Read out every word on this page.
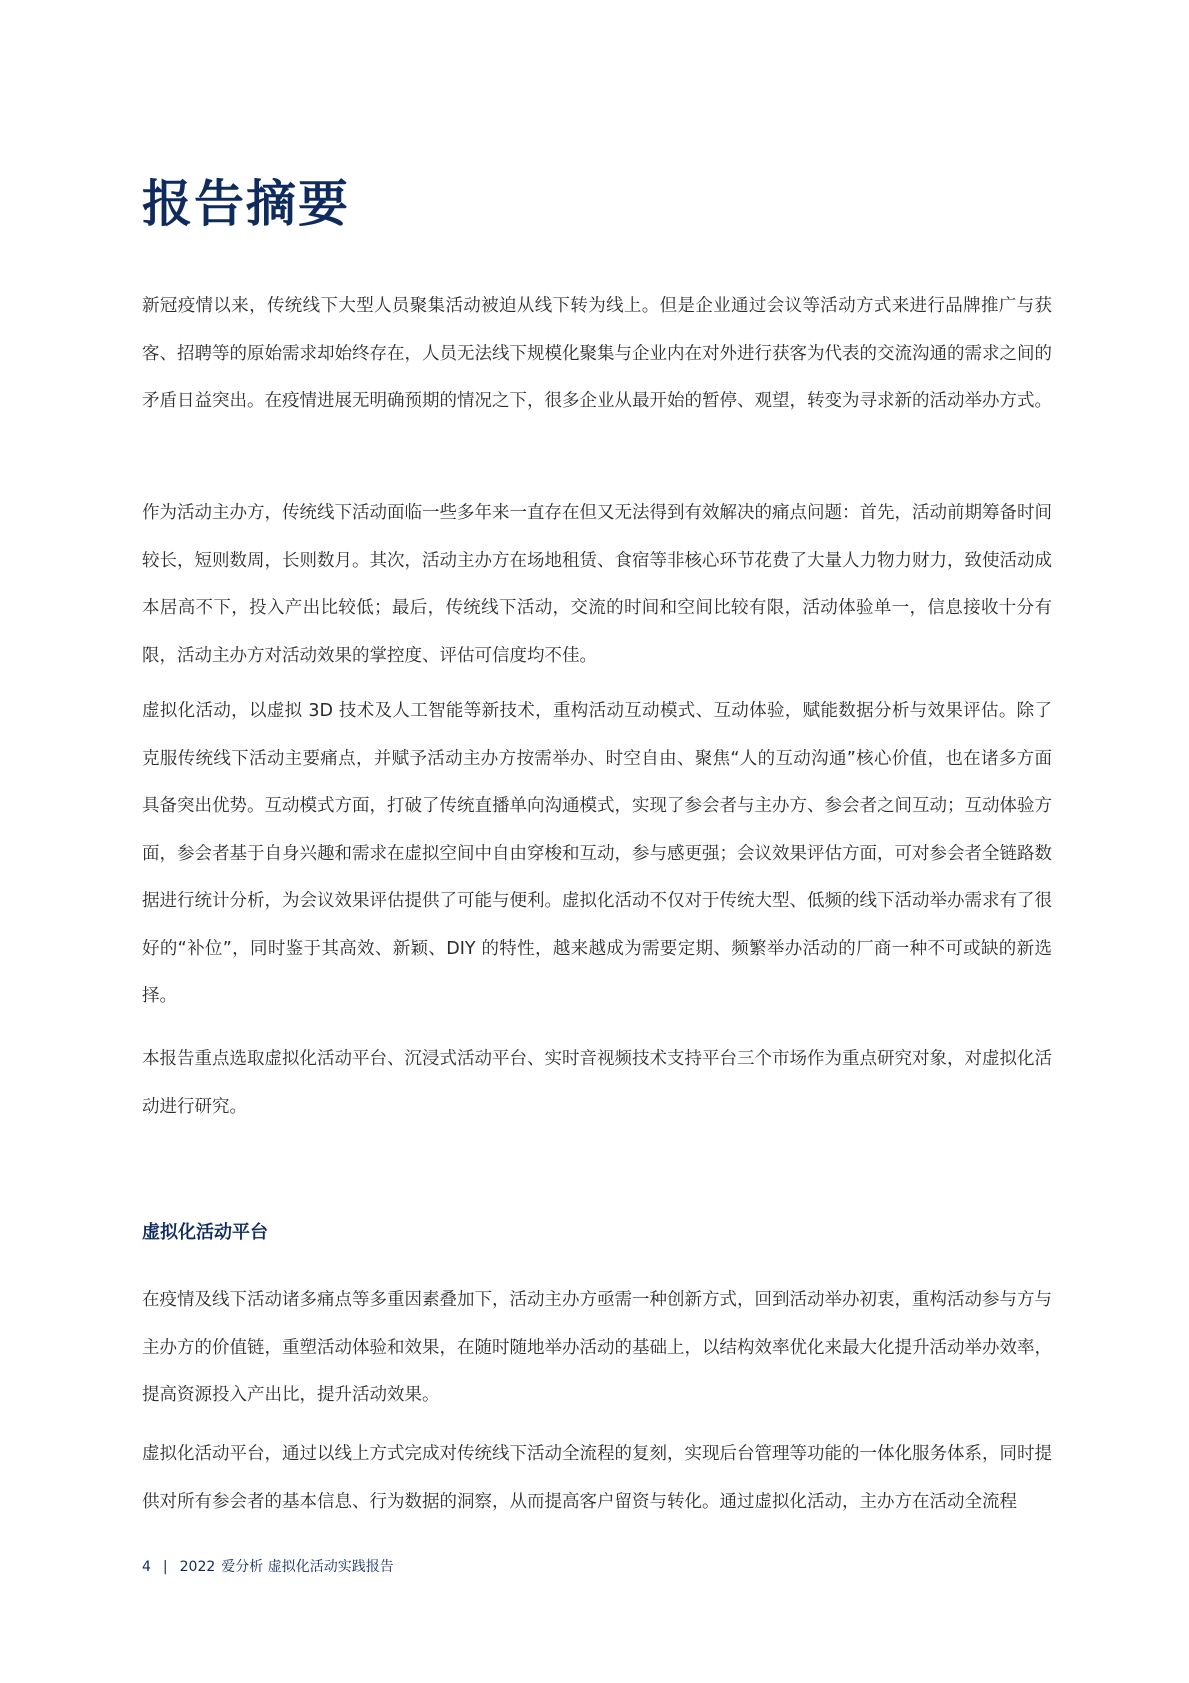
报告摘要

新冠疫情以来，传统线下大型人员聚集活动被迫从线下转为线上。但是企业通过会议等活动方式来进行品牌推广与获客、招聘等的原始需求却始终存在，人员无法线下规模化聚集与企业内在对外进行获客为代表的交流沟通的需求之间的矛盾日益突出。在疫情进展无明确预期的情况之下，很多企业从最开始的暂停、观望，转变为寻求新的活动举办方式。

作为活动主办方，传统线下活动面临一些多年来一直存在但又无法得到有效解决的痛点问题：首先，活动前期筹备时间较长，短则数周，长则数月。其次，活动主办方在场地租赁、食宿等非核心环节花费了大量人力物力财力，致使活动成本居高不下，投入产出比较低；最后，传统线下活动，交流的时间和空间比较有限，活动体验单一，信息接收十分有限，活动主办方对活动效果的掌控度、评估可信度均不佳。

虚拟化活动，以虚拟 3D 技术及人工智能等新技术，重构活动互动模式、互动体验，赋能数据分析与效果评估。除了克服传统线下活动主要痛点，并赋予活动主办方按需举办、时空自由、聚焦“人的互动沟通”核心价值，也在诸多方面具备突出优势。互动模式方面，打破了传统直播单向沟通模式，实现了参会者与主办方、参会者之间互动；互动体验方面，参会者基于自身兴趣和需求在虚拟空间中自由穿梭和互动，参与感更强；会议效果评估方面，可对参会者全链路数据进行统计分析，为会议效果评估提供了可能与便利。虚拟化活动不仅对于传统大型、低频的线下活动举办需求有了很好的“补位”，同时鉴于其高效、新颖、DIY 的特性，越来越成为需要定期、频繁举办活动的厂商一种不可或缺的新选择。

本报告重点选取虚拟化活动平台、沉浸式活动平台、实时音视频技术支持平台三个市场作为重点研究对象，对虚拟化活动进行研究。

虚拟化活动平台

在疫情及线下活动诸多痛点等多重因素叠加下，活动主办方亟需一种创新方式，回到活动举办初衷，重构活动参与方与主办方的价值链，重塑活动体验和效果，在随时随地举办活动的基础上，以结构效率优化来最大化提升活动举办效率，提高资源投入产出比，提升活动效果。

虚拟化活动平台，通过以线上方式完成对传统线下活动全流程的复刻，实现后台管理等功能的一体化服务体系，同时提供对所有参会者的基本信息、行为数据的洞察，从而提高客户留资与转化。通过虚拟化活动，主办方在活动全流程

4 | 2022 爱分析 虚拟化活动实践报告
